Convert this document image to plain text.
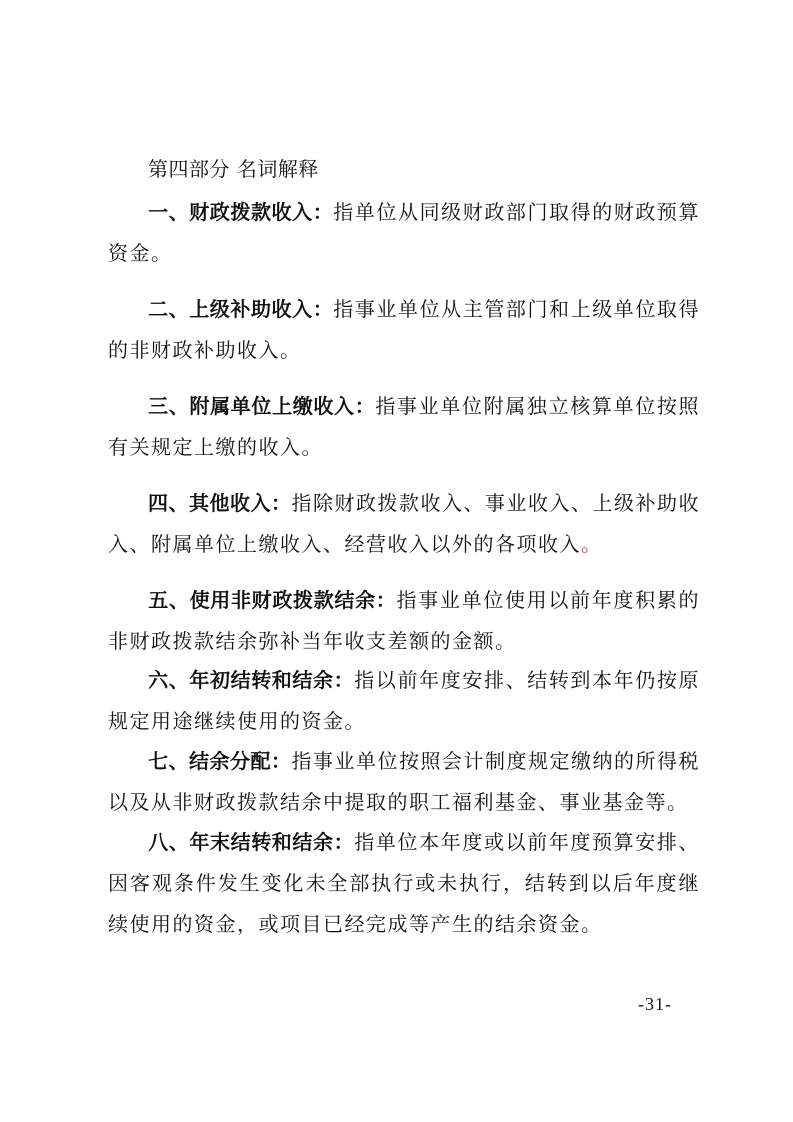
第四部分 名词解释
一、财政拨款收入：指单位从同级财政部门取得的财政预算资金。
二、上级补助收入：指事业单位从主管部门和上级单位取得的非财政补助收入。
三、附属单位上缴收入：指事业单位附属独立核算单位按照有关规定上缴的收入。
四、其他收入：指除财政拨款收入、事业收入、上级补助收入、附属单位上缴收入、经营收入以外的各项收入。
五、使用非财政拨款结余：指事业单位使用以前年度积累的非财政拨款结余弥补当年收支差额的金额。
六、年初结转和结余：指以前年度安排、结转到本年仍按原规定用途继续使用的资金。
七、结余分配：指事业单位按照会计制度规定缴纳的所得税以及从非财政拨款结余中提取的职工福利基金、事业基金等。
八、年末结转和结余：指单位本年度或以前年度预算安排、因客观条件发生变化未全部执行或未执行，结转到以后年度继续使用的资金，或项目已经完成等产生的结余资金。
-31-
